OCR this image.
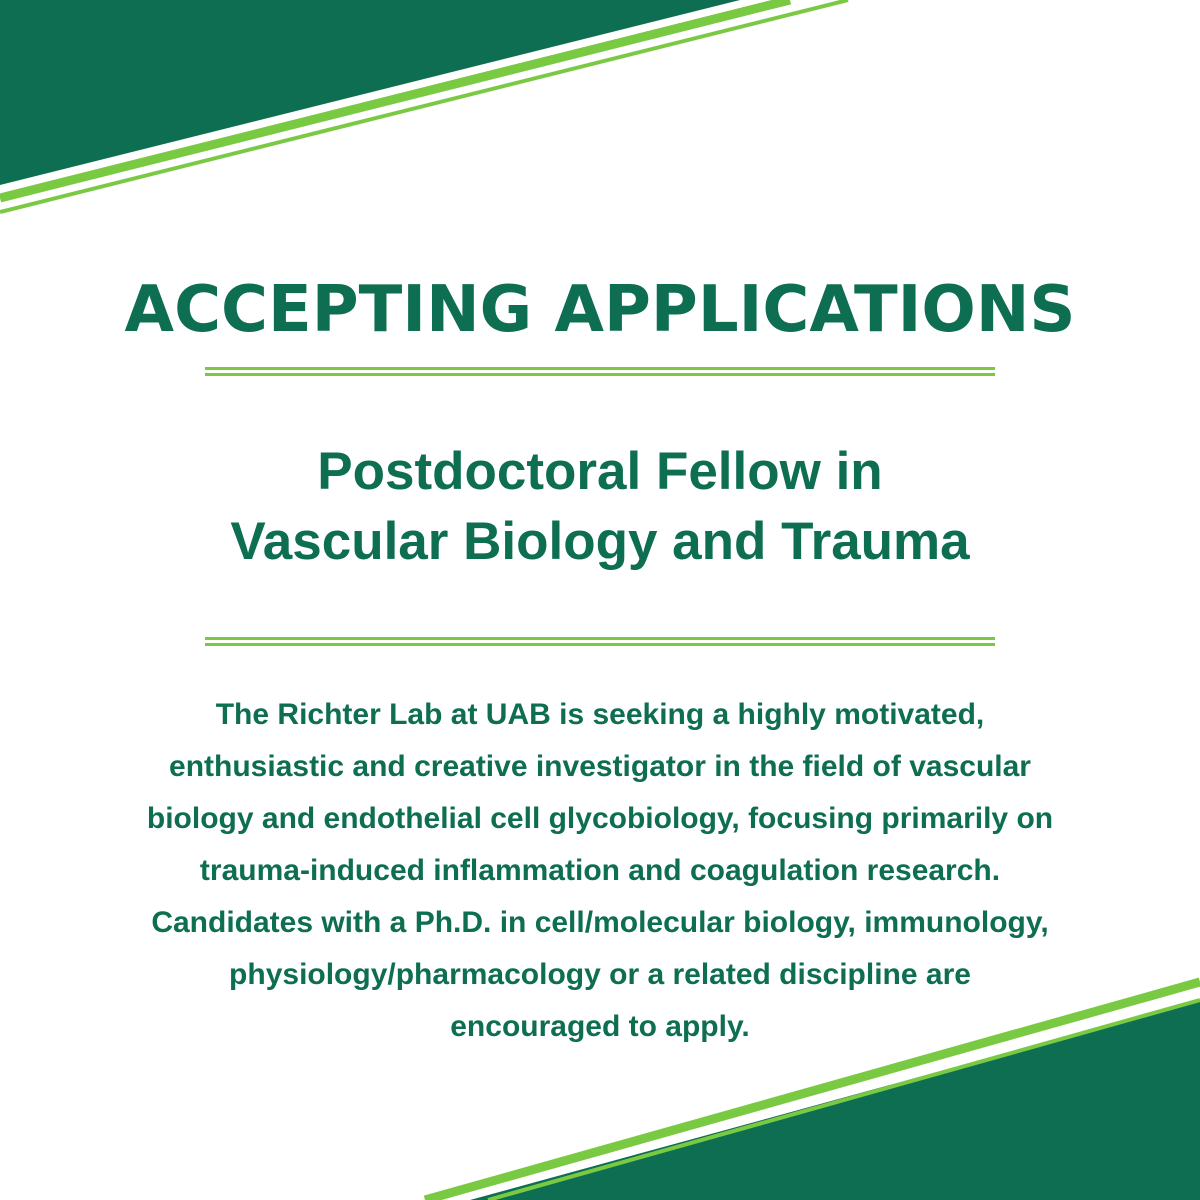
ACCEPTING APPLICATIONS
Postdoctoral Fellow in
Vascular Biology and Trauma

The Richter Lab at UAB is seeking a highly motivated,
enthusiastic and creative investigator in the field of vascular
biology and endothelial cell glycobiology, focusing primarily on
trauma-induced inflammation and coagulation research.
Candidates with a Ph.D. in cell/molecular biology, immunology,
physiology/pharmacology or a related discipline are
encouraged to apply.
